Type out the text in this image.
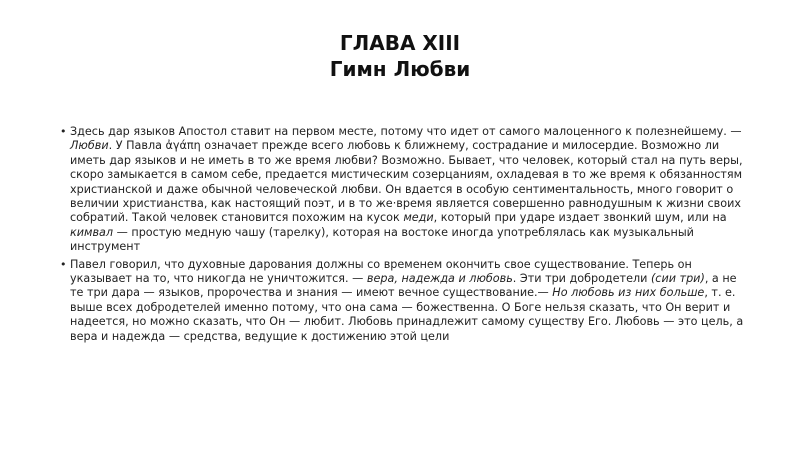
ГЛАВА XIII
Гимн Любви
• Здесь дар языков Апостол ставит на первом месте, потому что идет от самого малоценного к полезнейшему. — Любви. У Павла ἀγάπη означает прежде всего любовь к ближнему, сострадание и милосердие. Возможно ли иметь дар языков и не иметь в то же время любви? Возможно. Бывает, что человек, который стал на путь веры, скоро замыкается в самом себе, предается мистическим созерцаниям, охладевая в то же время к обязанностям христианской и даже обычной человеческой любви. Он вдается в особую сентиментальность, много говорит о величии христианства, как настоящий поэт, и в то же·время является совершенно равнодушным к жизни своих собратий. Такой человек становится похожим на кусок меди, который при ударе издает звонкий шум, или на кимвал — простую медную чашу (тарелку), которая на востоке иногда употреблялась как музыкальный инструмент
• Павел говорил, что духовные дарования должны со временем окончить свое существование. Теперь он указывает на то, что никогда не уничтожится. — вера, надежда и любовь. Эти три добродетели (сии три), а не те три дара — языков, пророчества и знания — имеют вечное существование.— Но любовь из них больше, т. е. выше всех добродетелей именно потому, что она сама — божественна. О Боге нельзя сказать, что Он верит и надеется, но можно сказать, что Он — любит. Любовь принадлежит самому существу Его. Любовь — это цель, а вера и надежда — средства, ведущие к достижению этой цели
